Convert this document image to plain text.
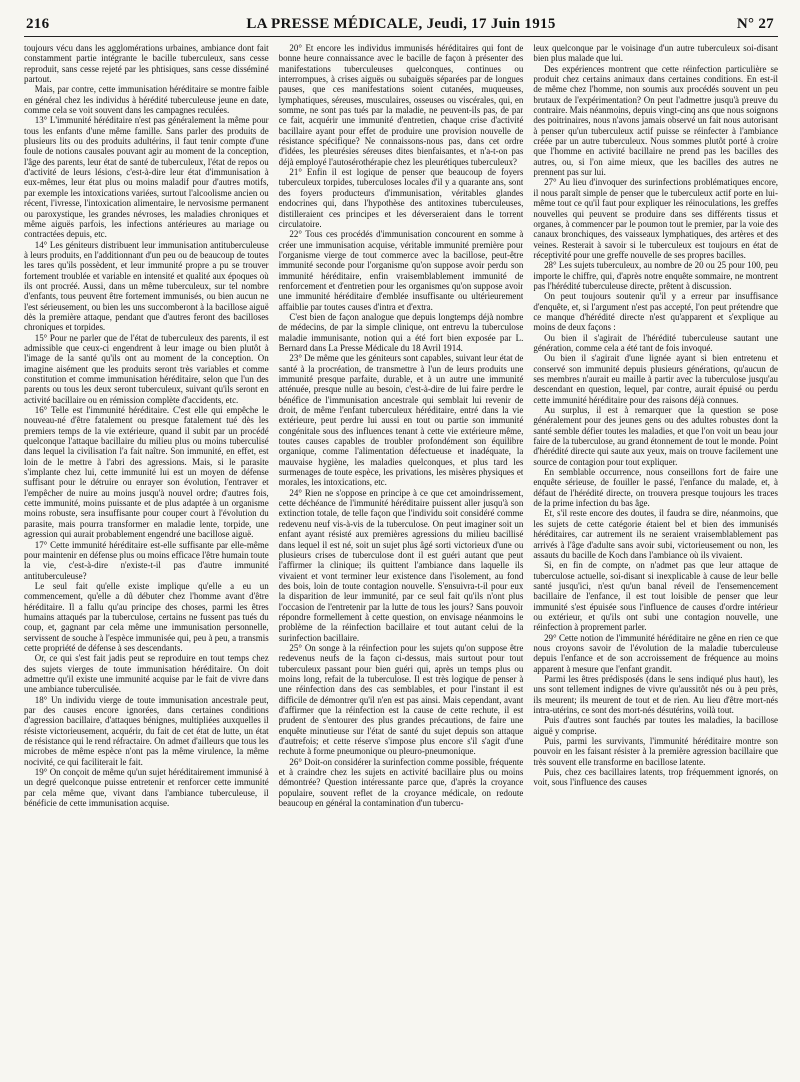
LA PRESSE MÉDICALE, Jeudi, 17 Juin 1915
216	N° 27

toujours vécu dans les agglomérations urbaines, ambiance dont fait constamment partie intégrante le bacille tuberculeux, sans cesse reproduit, sans cesse rejeté par les phtisiques, sans cesse disséminé partout.

Mais, par contre, cette immunisation héréditaire se montre faible en général chez les individus à hérédité tuberculeuse jeune en date, comme cela se voit souvent dans les campagnes reculées.

13° L'immunité héréditaire n'est pas généralement la même pour tous les enfants d'une même famille. Sans parler des produits de plusieurs lits ou des produits adultérins, il faut tenir compte d'une foule de notions causales pouvant agir au moment de la conception, l'âge des parents, leur état de santé de tuberculeux, l'état de repos ou d'activité de leurs lésions, c'est-à-dire leur état d'immunisation à eux-mêmes, leur état plus ou moins maladif pour d'autres motifs, par exemple les intoxications variées, surtout l'alcoolisme ancien ou récent, l'ivresse, l'intoxication alimentaire, le nervosisme permanent ou paroxystique, les grandes névroses, les maladies chroniques et même aiguës parfois, les infections antérieures au mariage ou contractées depuis, etc.

14° Les géniteurs distribuent leur immunisation antituberculeuse à leurs produits, en l'additionnant d'un peu ou de beaucoup de toutes les tares qu'ils possèdent, et leur immunité propre a pu se trouver fortement troublée et variable en intensité et qualité aux époques où ils ont procréé. Aussi, dans un même tuberculeux, sur tel nombre d'enfants, tous peuvent être fortement immunisés, ou bien aucun ne l'est sérieusement, ou bien les uns succomberont à la bacillose aiguë dès la première attaque, pendant que d'autres feront des bacilloses chroniques et torpides.

15° Pour ne parler que de l'état de tuberculeux des parents, il est admissible que ceux-ci engendrent à leur image ou bien plutôt à l'image de la santé qu'ils ont au moment de la conception. On imagine aisément que les produits seront très variables et comme constitution et comme immunisation héréditaire, selon que l'un des parents ou tous les deux seront tuberculeux, suivant qu'ils seront en activité bacillaire ou en rémission complète d'accidents, etc.

16° Telle est l'immunité héréditaire. C'est elle qui empêche le nouveau-né d'être fatalement ou presque fatalement tué dès les premiers temps de la vie extérieure, quand il subit par un procédé quelconque l'attaque bacillaire du milieu plus ou moins tuberculisé dans lequel la civilisation l'a fait naître. Son immunité, en effet, est loin de le mettre à l'abri des agressions. Mais, si le parasite s'implante chez lui, cette immunité lui est un moyen de défense suffisant pour le détruire ou enrayer son évolution, l'entraver et l'empêcher de nuire au moins jusqu'à nouvel ordre; d'autres fois, cette immunité, moins puissante et de plus adaptée à un organisme moins robuste, sera insuffisante pour couper court à l'évolution du parasite, mais pourra transformer en maladie lente, torpide, une agression qui aurait probablement engendré une bacillose aiguë.

17° Cette immunité héréditaire est-elle suffisante par elle-même pour maintenir en défense plus ou moins efficace l'être humain toute la vie, c'est-à-dire n'existe-t-il pas d'autre immunité antituberculeuse?

Le seul fait qu'elle existe implique qu'elle a eu un commencement, qu'elle a dû débuter chez l'homme avant d'être héréditaire. Il a fallu qu'au principe des choses, parmi les êtres humains attaqués par la tuberculose, certains ne fussent pas tués du coup, et, gagnant par cela même une immunisation personnelle, servissent de souche à l'espèce immunisée qui, peu à peu, a transmis cette propriété de défense à ses descendants.

Or, ce qui s'est fait jadis peut se reproduire en tout temps chez des sujets vierges de toute immunisation héréditaire. On doit admettre qu'il existe une immunité acquise par le fait de vivre dans une ambiance tuberculisée.

18° Un individu vierge de toute immunisation ancestrale peut, par des causes encore ignorées, dans certaines conditions d'agression bacillaire, d'attaques bénignes, multipliées auxquelles il résiste victorieusement, acquérir, du fait de cet état de lutte, un état de résistance qui le rend réfractaire. On admet d'ailleurs que tous les microbes de même espèce n'ont pas la même virulence, la même nocivité, ce qui faciliterait le fait.

19° On conçoit de même qu'un sujet héréditairement immunisé à un degré quelconque puisse entretenir et renforcer cette immunité par cela même que, vivant dans l'ambiance tuberculeuse, il bénéficie de cette immunisation acquise.

20° Et encore les individus immunisés héréditaires qui font de bonne heure connaissance avec le bacille de façon à présenter des manifestations tuberculeuses quelconques, continues ou interrompues, à crises aiguës ou subaiguës séparées par de longues pauses, que ces manifestations soient cutanées, muqueuses, lymphatiques, séreuses, musculaires, osseuses ou viscérales, qui, en somme, ne sont pas tués par la maladie, ne peuvent-ils pas, de par ce fait, acquérir une immunité d'entretien, chaque crise d'activité bacillaire ayant pour effet de produire une provision nouvelle de résistance spécifique? Ne connaissons-nous pas, dans cet ordre d'idées, les pleurésies séreuses dites bienfaisantes, et n'a-t-on pas déjà employé l'autosérothérapie chez les pleurétiques tuberculeux?

21° Enfin il est logique de penser que beaucoup de foyers tuberculeux torpides, tuberculoses locales d'il y a quarante ans, sont des foyers producteurs d'immunisation, véritables glandes endocrines qui, dans l'hypothèse des antitoxines tuberculeuses, distilleraient ces principes et les déverseraient dans le torrent circulatoire.

22° Tous ces procédés d'immunisation concourent en somme à créer une immunisation acquise, véritable immunité première pour l'organisme vierge de tout commerce avec la bacillose, peut-être immunité seconde pour l'organisme qu'on suppose avoir perdu son immunité héréditaire, enfin vraisemblablement immunité de renforcement et d'entretien pour les organismes qu'on suppose avoir une immunité héréditaire d'emblée insuffisante ou ultérieurement affaiblie par toutes causes d'intra et d'extra.

C'est bien de façon analogue que depuis longtemps déjà nombre de médecins, de par la simple clinique, ont entrevu la tuberculose maladie immunisante, notion qui a été fort bien exposée par L. Bernard dans La Presse Médicale du 18 Avril 1914.

23° De même que les géniteurs sont capables, suivant leur état de santé à la procréation, de transmettre à l'un de leurs produits une immunité presque parfaite, durable, et à un autre une immunité atténuée, presque nulle au besoin, c'est-à-dire de lui faire perdre le bénéfice de l'immunisation ancestrale qui semblait lui revenir de droit, de même l'enfant tuberculeux héréditaire, entré dans la vie extérieure, peut perdre lui aussi en tout ou partie son immunité congénitale sous des influences tenant à cette vie extérieure même, toutes causes capables de troubler profondément son équilibre organique, comme l'alimentation défectueuse et inadéquate, la mauvaise hygiène, les maladies quelconques, et plus tard les surmenages de toute espèce, les privations, les misères physiques et morales, les intoxications, etc.

24° Rien ne s'oppose en principe à ce que cet amoindrissement, cette déchéance de l'immunité héréditaire puissent aller jusqu'à son extinction totale, de telle façon que l'individu soit considéré comme redevenu neuf vis-à-vis de la tuberculose. On peut imaginer soit un enfant ayant résisté aux premières agressions du milieu bacillisé dans lequel il est né, soit un sujet plus âgé sorti victorieux d'une ou plusieurs crises de tuberculose dont il est guéri autant que peut l'affirmer la clinique; ils quittent l'ambiance dans laquelle ils vivaient et vont terminer leur existence dans l'isolement, au fond des bois, loin de toute contagion nouvelle. S'ensuivra-t-il pour eux la disparition de leur immunité, par ce seul fait qu'ils n'ont plus l'occasion de l'entretenir par la lutte de tous les jours? Sans pouvoir répondre formellement à cette question, on envisage néanmoins le problème de la réinfection bacillaire et tout autant celui de la surinfection bacillaire.

25° On songe à la réinfection pour les sujets qu'on suppose être redevenus neufs de la façon ci-dessus, mais surtout pour tout tuberculeux passant pour bien guéri qui, après un temps plus ou moins long, refait de la tuberculose. Il est très logique de penser à une réinfection dans des cas semblables, et pour l'instant il est difficile de démontrer qu'il n'en est pas ainsi. Mais cependant, avant d'affirmer que la réinfection est la cause de cette rechute, il est prudent de s'entourer des plus grandes précautions, de faire une enquête minutieuse sur l'état de santé du sujet depuis son attaque d'autrefois; et cette réserve s'impose plus encore s'il s'agit d'une rechute à forme pneumonique ou pleuro-pneumonique.

26° Doit-on considérer la surinfection comme possible, fréquente et à craindre chez les sujets en activité bacillaire plus ou moins démontrée? Question intéressante parce que, d'après la croyance populaire, souvent reflet de la croyance médicale, on redoute beaucoup en général la contamination d'un tubercu-

leux quelconque par le voisinage d'un autre tuberculeux soi-disant bien plus malade que lui.

Des expériences montrent que cette réinfection particulière se produit chez certains animaux dans certaines conditions. En est-il de même chez l'homme, non soumis aux procédés souvent un peu brutaux de l'expérimentation? On peut l'admettre jusqu'à preuve du contraire. Mais néanmoins, depuis vingt-cinq ans que nous soignons des poitrinaires, nous n'avons jamais observé un fait nous autorisant à penser qu'un tuberculeux actif puisse se réinfecter à l'ambiance créée par un autre tuberculeux. Nous sommes plutôt porté à croire que l'homme en activité bacillaire ne prend pas les bacilles des autres, ou, si l'on aime mieux, que les bacilles des autres ne prennent pas sur lui.

27° Au lieu d'invoquer des surinfections problématiques encore, il nous paraît simple de penser que le tuberculeux actif porte en lui-même tout ce qu'il faut pour expliquer les réinoculations, les greffes nouvelles qui peuvent se produire dans ses différents tissus et organes, à commencer par le poumon tout le premier, par la voie des canaux bronchiques, des vaisseaux lymphatiques, des artères et des veines. Resterait à savoir si le tuberculeux est toujours en état de réceptivité pour une greffe nouvelle de ses propres bacilles.

28° Les sujets tuberculeux, au nombre de 20 ou 25 pour 100, peu importe le chiffre, qui, d'après notre enquête sommaire, ne montrent pas l'hérédité tuberculeuse directe, prêtent à discussion.

On peut toujours soutenir qu'il y a erreur par insuffisance d'enquête, et, si l'argument n'est pas accepté, l'on peut prétendre que ce manque d'hérédité directe n'est qu'apparent et s'explique au moins de deux façons :

Ou bien il s'agirait de l'hérédité tuberculeuse sautant une génération, comme cela a été tant de fois invoqué.

Ou bien il s'agirait d'une lignée ayant si bien entretenu et conservé son immunité depuis plusieurs générations, qu'aucun de ses membres n'aurait eu maille à partir avec la tuberculose jusqu'au descendant en question, lequel, par contre, aurait épuisé ou perdu cette immunité héréditaire pour des raisons déjà connues.

Au surplus, il est à remarquer que la question se pose généralement pour des jeunes gens ou des adultes robustes dont la santé semble défier toutes les maladies, et que l'on voit un beau jour faire de la tuberculose, au grand étonnement de tout le monde. Point d'hérédité directe qui saute aux yeux, mais on trouve facilement une source de contagion pour tout expliquer.

En semblable occurrence, nous conseillons fort de faire une enquête sérieuse, de fouiller le passé, l'enfance du malade, et, à défaut de l'hérédité directe, on trouvera presque toujours les traces de la prime infection du bas âge.

Et, s'il reste encore des doutes, il faudra se dire, néanmoins, que les sujets de cette catégorie étaient bel et bien des immunisés héréditaires, car autrement ils ne seraient vraisemblablement pas arrivés à l'âge d'adulte sans avoir subi, victorieusement ou non, les assauts du bacille de Koch dans l'ambiance où ils vivaient.

Si, en fin de compte, on n'admet pas que leur attaque de tuberculose actuelle, soi-disant si inexplicable à cause de leur belle santé jusqu'ici, n'est qu'un banal réveil de l'ensemencement bacillaire de l'enfance, il est tout loisible de penser que leur immunité s'est épuisée sous l'influence de causes d'ordre intérieur ou extérieur, et qu'ils ont subi une contagion nouvelle, une réinfection à proprement parler.

29° Cette notion de l'immunité héréditaire ne gêne en rien ce que nous croyons savoir de l'évolution de la maladie tuberculeuse depuis l'enfance et de son accroissement de fréquence au moins apparent à mesure que l'enfant grandit.

Parmi les êtres prédisposés (dans le sens indiqué plus haut), les uns sont tellement indignes de vivre qu'aussitôt nés ou à peu près, ils meurent; ils meurent de tout et de rien. Au lieu d'être mort-nés intra-utérins, ce sont des mort-nés désutérins, voilà tout.

Puis d'autres sont fauchés par toutes les maladies, la bacillose aiguë y comprise.

Puis, parmi les survivants, l'immunité héréditaire montre son pouvoir en les faisant résister à la première agression bacillaire que très souvent elle transforme en bacillose latente.

Puis, chez ces bacillaires latents, trop fréquemment ignorés, on voit, sous l'influence des causes
